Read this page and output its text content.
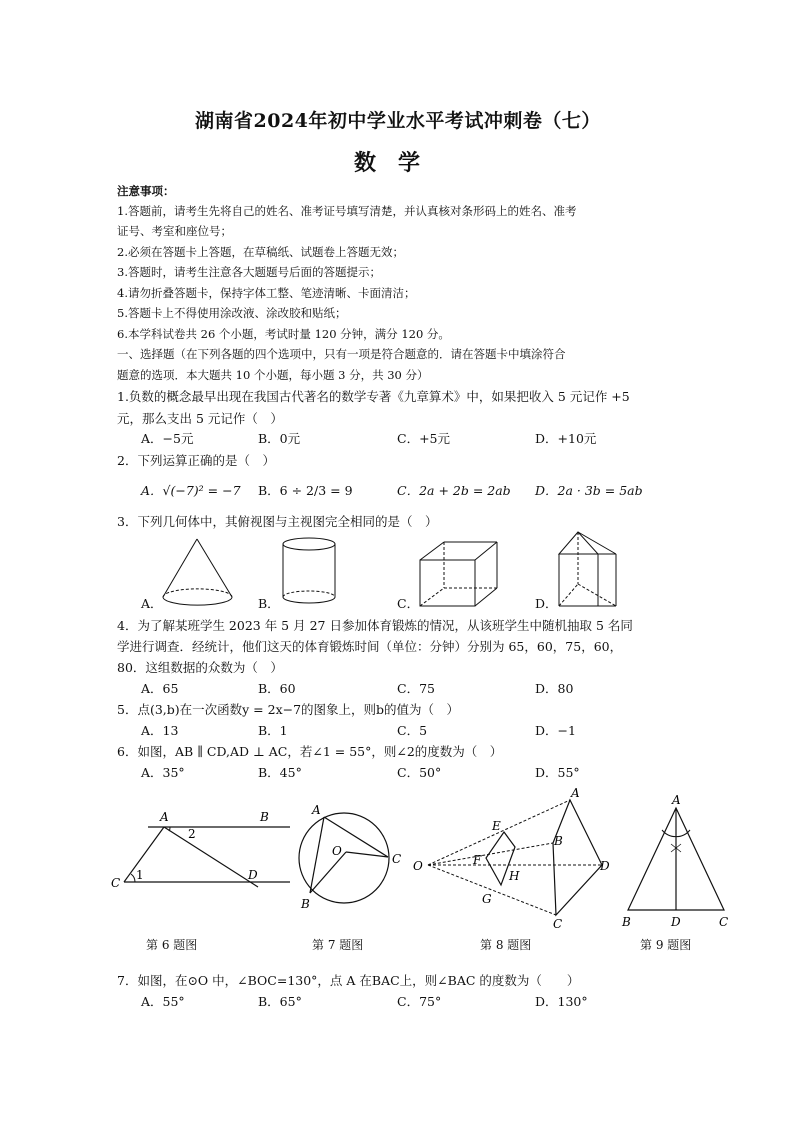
湖南省2024年初中学业水平考试冲刺卷（七）
数　学
注意事项：
1.答题前，请考生先将自己的姓名、准考证号填写清楚，并认真核对条形码上的姓名、准考
证号、考室和座位号；
2.必须在答题卡上答题，在草稿纸、试题卷上答题无效；
3.答题时，请考生注意各大题题号后面的答题提示；
4.请勿折叠答题卡，保持字体工整、笔迹清晰、卡面清洁；
5.答题卡上不得使用涂改液、涂改胶和贴纸；
6.本学科试卷共 26 个小题，考试时量 120 分钟，满分 120 分。
一、选择题（在下列各题的四个选项中，只有一项是符合题意的．请在答题卡中填涂符合
题意的选项．本大题共 10 个小题，每小题 3 分，共 30 分）
1.负数的概念最早出现在我国古代著名的数学专著《九章算术》中，如果把收入 5 元记作 +5
元，那么支出 5 元记作（　）
A．−5元	B．0元	C．+5元	D．+10元
2．下列运算正确的是（　）
A．√(−7)² = −7 B．6 ÷ 2/3 = 9	C．2a + 2b = 2ab D．2a · 3b = 5ab
3．下列几何体中，其俯视图与主视图完全相同的是（　）
A．	B．	C．	D．
4．为了解某班学生 2023 年 5 月 27 日参加体育锻炼的情况，从该班学生中随机抽取 5 名同
学进行调查．经统计，他们这天的体育锻炼时间（单位：分钟）分别为 65，60，75，60，
80．这组数据的众数为（　）
A．65	B．60	C．75	D．80
5．点(3,b)在一次函数y = 2x−7的图象上，则b的值为（　）
A．13	B．1	C．5	D．−1
6．如图，AB ∥ CD,AD ⊥ AC，若∠1 = 55°，则∠2的度数为（　）
A．35°	B．45°	C．50°	D．55°
A	B
C
D
1
2
第 6 题图
A
O
C
B
第 7 题图
A
E
B
O	F
H
D
G
C
第 8 题图
A
B	D	C
第 9 题图
7．如图，在⊙O 中，∠BOC=130°，点 A 在BAC上，则∠BAC 的度数为（　　）
A．55°	B．65°	C．75°	D．130°
